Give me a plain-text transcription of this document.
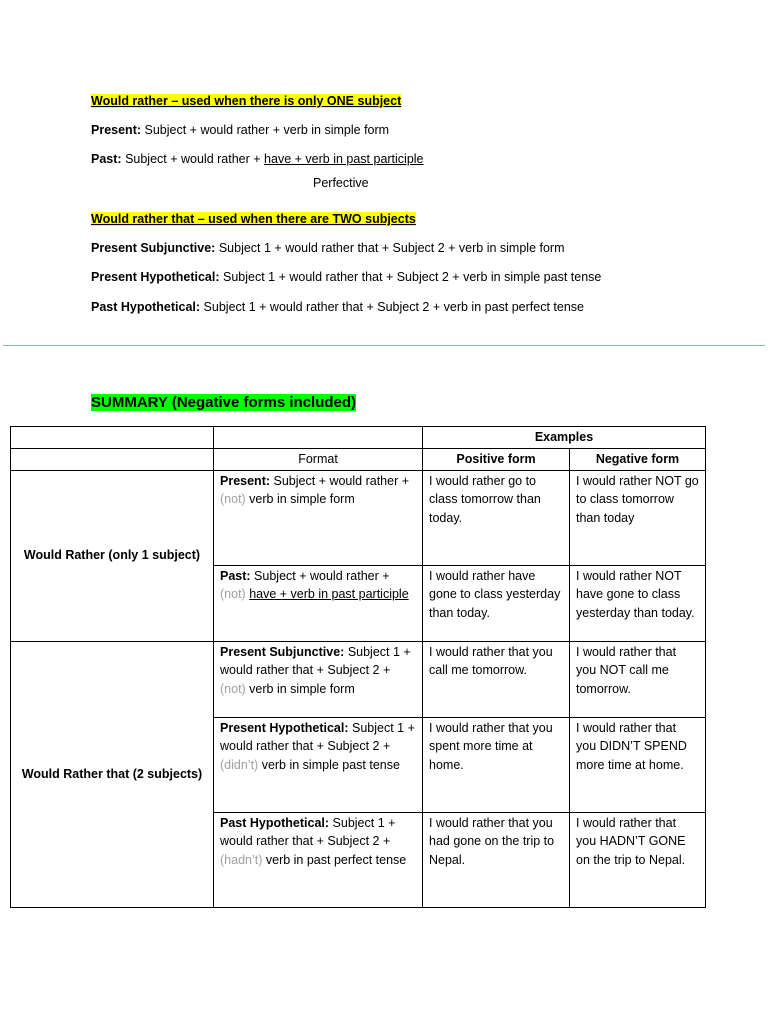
Would rather – used when there is only ONE subject
Present: Subject + would rather + verb in simple form
Past: Subject + would rather + have + verb in past participle
Perfective
Would rather that – used when there are TWO subjects
Present Subjunctive: Subject 1 + would rather that + Subject 2 + verb in simple form
Present Hypothetical: Subject 1 + would rather that + Subject 2 + verb in simple past tense
Past Hypothetical: Subject 1 + would rather that + Subject 2 + verb in past perfect tense
SUMMARY (Negative forms included)
		Examples	
	Format	Positive form	Negative form
Would Rather (only 1 subject)	Present: Subject + would rather + (not) verb in simple form	I would rather go to class tomorrow than today.	I would rather NOT go to class tomorrow than today
	Past: Subject + would rather + (not) have + verb in past participle	I would rather have gone to class yesterday than today.	I would rather NOT have gone to class yesterday than today.
Would Rather that (2 subjects)	Present Subjunctive: Subject 1 + would rather that + Subject 2 + (not) verb in simple form	I would rather that you call me tomorrow.	I would rather that you NOT call me tomorrow.
	Present Hypothetical: Subject 1 + would rather that + Subject 2 + (didn’t) verb in simple past tense	I would rather that you spent more time at home.	I would rather that you DIDN’T SPEND more time at home.
	Past Hypothetical: Subject 1 + would rather that + Subject 2 + (hadn’t) verb in past perfect tense	I would rather that you had gone on the trip to Nepal.	I would rather that you HADN’T GONE on the trip to Nepal.
